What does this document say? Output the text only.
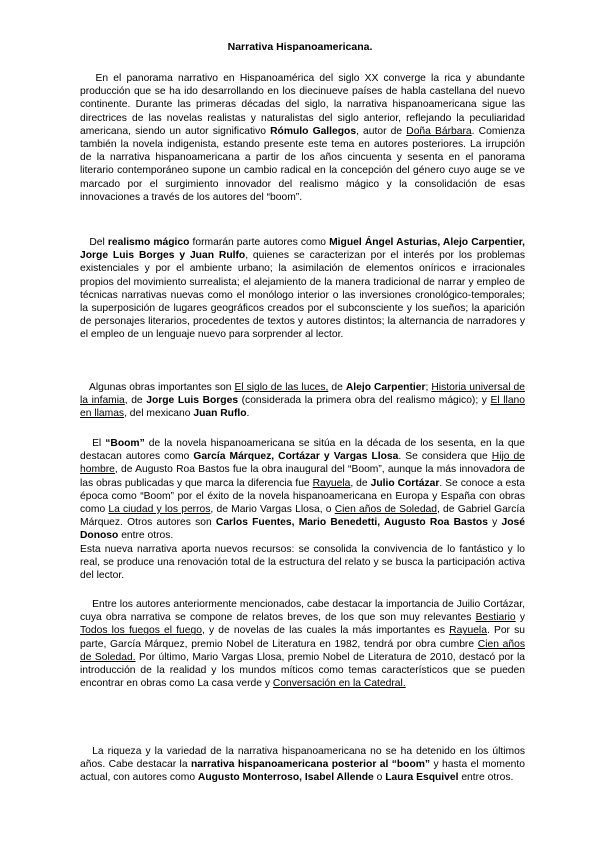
Narrativa Hispanoamericana.

En el panorama narrativo en Hispanoamérica del siglo XX converge la rica y abundante producción que se ha ido desarrollando en los diecinueve países de habla castellana del nuevo continente. Durante las primeras décadas del siglo, la narrativa hispanoamericana sigue las directrices de las novelas realistas y naturalistas del siglo anterior, reflejando la peculiaridad americana, siendo un autor significativo Rómulo Gallegos, autor de Doña Bárbara. Comienza también la novela indigenista, estando presente este tema en autores posteriores. La irrupción de la narrativa hispanoamericana a partir de los años cincuenta y sesenta en el panorama literario contemporáneo supone un cambio radical en la concepción del género cuyo auge se ve marcado por el surgimiento innovador del realismo mágico y la consolidación de esas innovaciones a través de los autores del “boom”.

Del realismo mágico formarán parte autores como Miguel Ángel Asturias, Alejo Carpentier, Jorge Luis Borges y Juan Rulfo, quienes se caracterizan por el interés por los problemas existenciales y por el ambiente urbano; la asimilación de elementos oníricos e irracionales propios del movimiento surrealista; el alejamiento de la manera tradicional de narrar y empleo de técnicas narrativas nuevas como el monólogo interior o las inversiones cronológico-temporales; la superposición de lugares geográficos creados por el subconsciente y los sueños; la aparición de personajes literarios, procedentes de textos y autores distintos; la alternancia de narradores y el empleo de un lenguaje nuevo para sorprender al lector.

Algunas obras importantes son El siglo de las luces, de Alejo Carpentier; Historia universal de la infamia, de Jorge Luis Borges (considerada la primera obra del realismo mágico); y El llano en llamas, del mexicano Juan Ruflo.

El “Boom” de la novela hispanoamericana se sitúa en la década de los sesenta, en la que destacan autores como García Márquez, Cortázar y Vargas Llosa. Se considera que Hijo de hombre, de Augusto Roa Bastos fue la obra inaugural del “Boom”, aunque la más innovadora de las obras publicadas y que marca la diferencia fue Rayuela, de Julio Cortázar. Se conoce a esta época como “Boom” por el éxito de la novela hispanoamericana en Europa y España con obras como La ciudad y los perros, de Mario Vargas Llosa, o Cien años de Soledad, de Gabriel García Márquez. Otros autores son Carlos Fuentes, Mario Benedetti, Augusto Roa Bastos y José Donoso entre otros.
Esta nueva narrativa aporta nuevos recursos: se consolida la convivencia de lo fantástico y lo real, se produce una renovación total de la estructura del relato y se busca la participación activa del lector.

Entre los autores anteriormente mencionados, cabe destacar la importancia de Juilio Cortázar, cuya obra narrativa se compone de relatos breves, de los que son muy relevantes Bestiario y Todos los fuegos el fuego, y de novelas de las cuales la más importantes es Rayuela. Por su parte, García Márquez, premio Nobel de Literatura en 1982, tendrá por obra cumbre Cien años de Soledad. Por último, Mario Vargas Llosa, premio Nobel de Literatura de 2010, destacó por la introducción de la realidad y los mundos míticos como temas característicos que se pueden encontrar en obras como La casa verde y Conversación en la Catedral.

La riqueza y la variedad de la narrativa hispanoamericana no se ha detenido en los últimos años. Cabe destacar la narrativa hispanoamericana posterior al “boom” y hasta el momento actual, con autores como Augusto Monterroso, Isabel Allende o Laura Esquivel entre otros.
